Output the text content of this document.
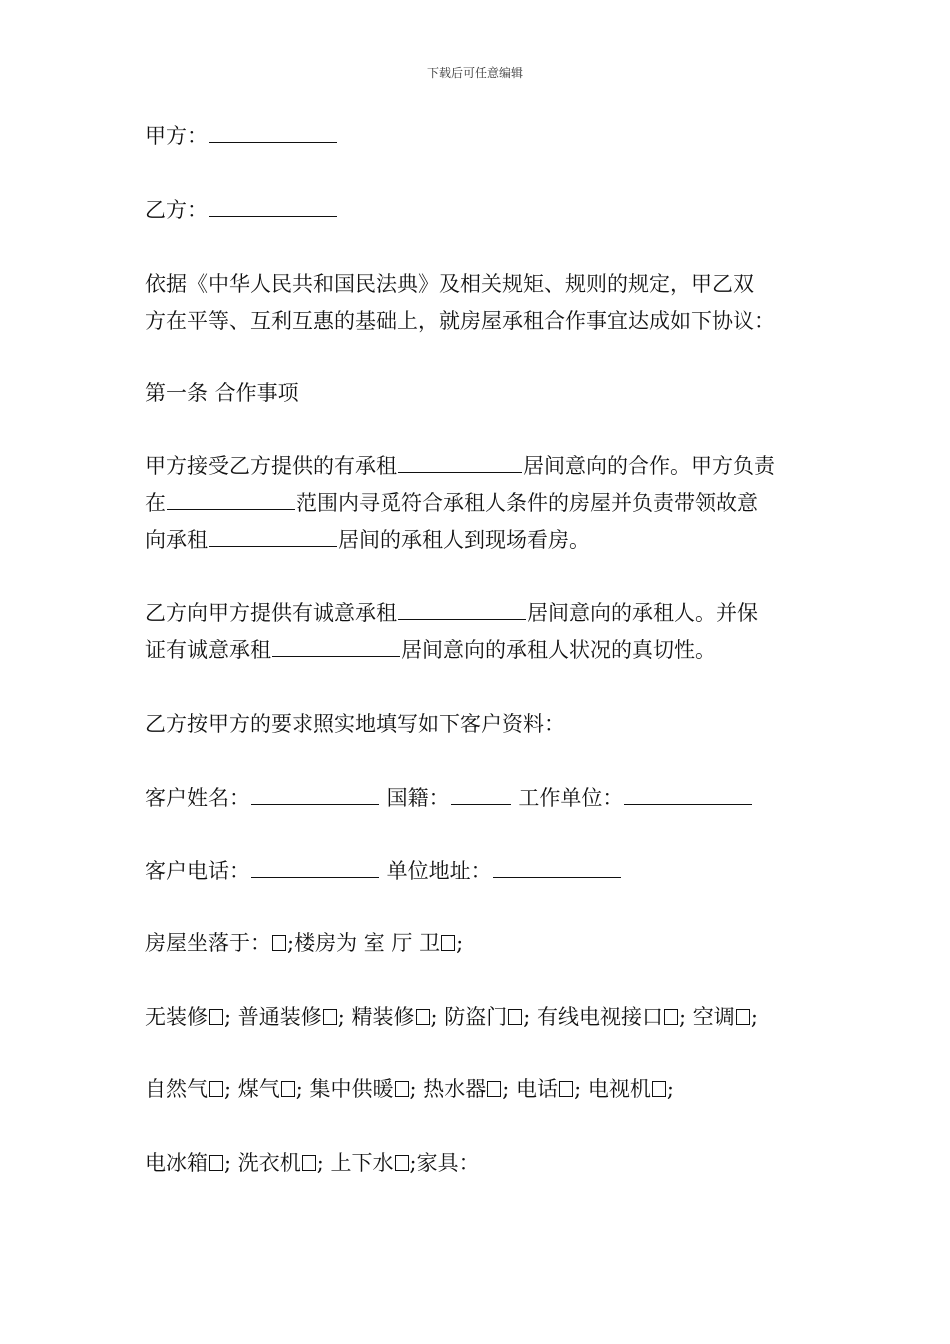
下载后可任意编辑
甲方：
乙方：
依据《中华人民共和国民法典》及相关规矩、规则的规定，甲乙双
方在平等、互利互惠的基础上，就房屋承租合作事宜达成如下协议：
第一条 合作事项
甲方接受乙方提供的有承租	居间意向的合作。甲方负责
在	范围内寻觅符合承租人条件的房屋并负责带领故意
向承租	居间的承租人到现场看房。
乙方向甲方提供有诚意承租	居间意向的承租人。并保
证有诚意承租	居间意向的承租人状况的真切性。
乙方按甲方的要求照实地填写如下客户资料：
客户姓名：	国籍：	工作单位：
客户电话：	单位地址：
房屋坐落于： ;楼房为 室 厅 卫 ;
无装修 ; 普通装修 ; 精装修 ; 防盗门 ; 有线电视接口 ; 空调 ;
自然气 ; 煤气 ; 集中供暖 ; 热水器 ; 电话 ; 电视机 ;
电冰箱 ; 洗衣机 ; 上下水 ;家具：
